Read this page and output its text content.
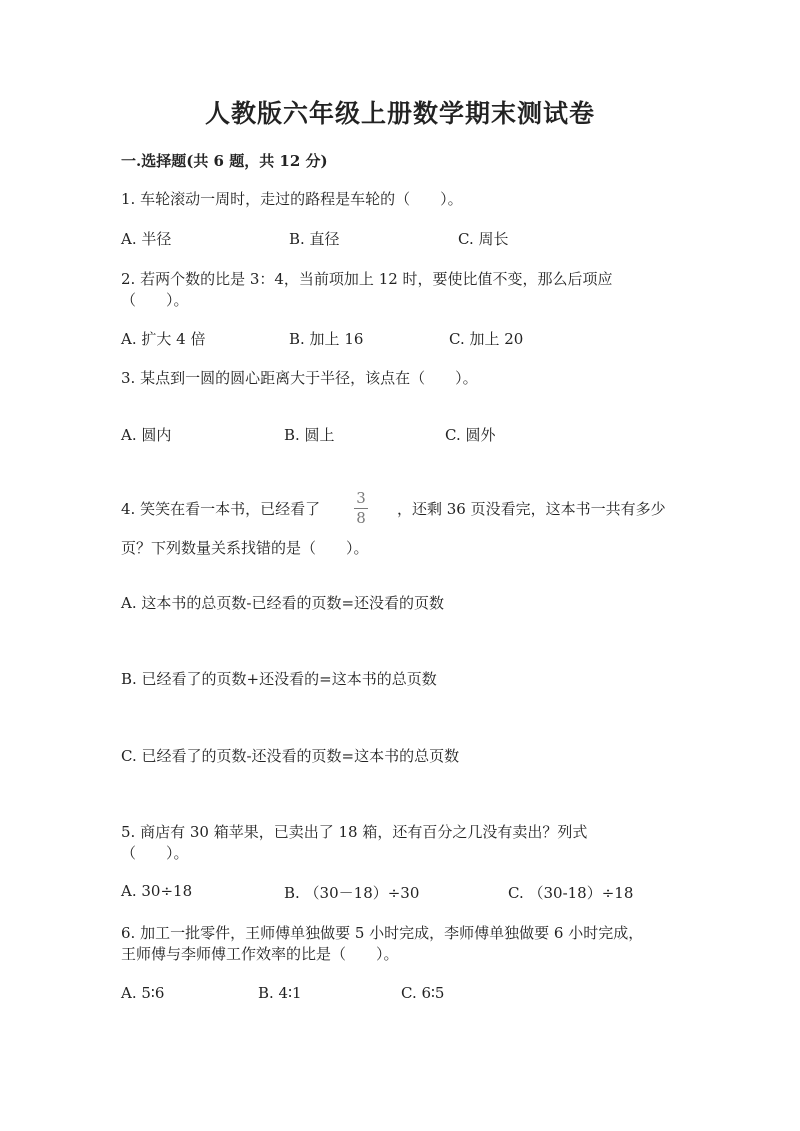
人教版六年级上册数学期末测试卷
一.选择题(共 6 题，共 12 分)
1. 车轮滚动一周时，走过的路程是车轮的（　　）。
A. 半径	B. 直径	C. 周长
2. 若两个数的比是 3：4，当前项加上 12 时，要使比值不变，那么后项应
（　　）。
A. 扩大 4 倍	B. 加上 16	C. 加上 20
3. 某点到一圆的圆心距离大于半径，该点在（　　）。
A. 圆内	B. 圆上	C. 圆外
4. 笑笑在看一本书，已经看了
3
8 ，还剩 36 页没看完，这本书一共有多少
页？下列数量关系找错的是（　　）。
A. 这本书的总页数-已经看的页数=还没看的页数
B. 已经看了的页数+还没看的=这本书的总页数
C. 已经看了的页数-还没看的页数=这本书的总页数
5. 商店有 30 箱苹果，已卖出了 18 箱，还有百分之几没有卖出？列式
（　　）。
A. 30÷18	B. （30－18）÷30	C. （30-18）÷18
6. 加工一批零件，王师傅单独做要 5 小时完成，李师傅单独做要 6 小时完成，
王师傅与李师傅工作效率的比是（　　）。
A. 5∶6	B. 4∶1	C. 6∶5
